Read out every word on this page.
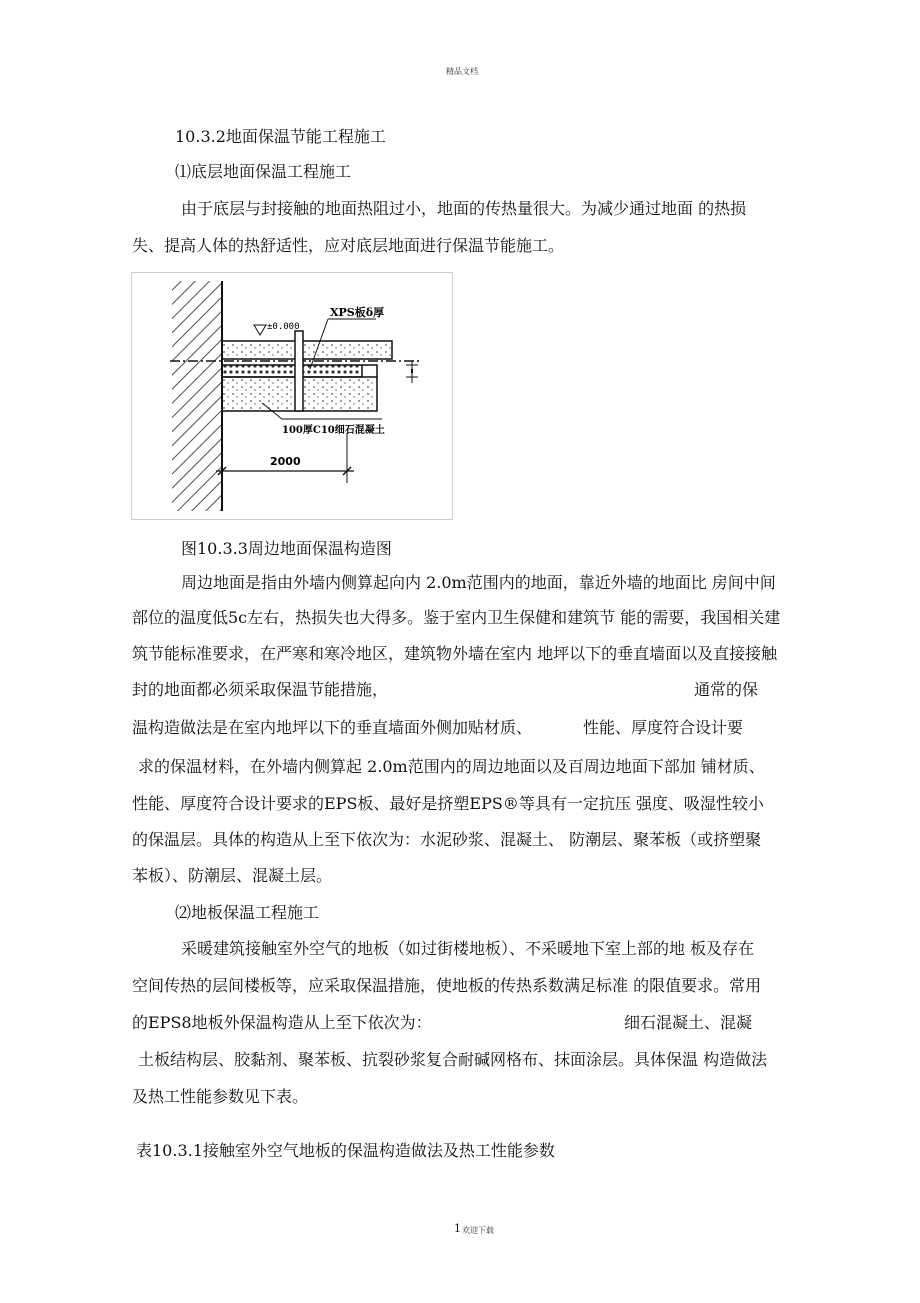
精品文档
10.3.2地面保温节能工程施工
⑴底层地面保温工程施工
由于底层与封接触的地面热阻过小，地面的传热量很大。为减少通过地面 的热损
失、提高人体的热舒适性，应对底层地面进行保温节能施工。
±0.000
XPS板δ厚
100厚C10细石混凝土
2000
图10.3.3周边地面保温构造图
周边地面是指由外墙内侧算起向内 2.0m范围内的地面，靠近外墙的地面比 房间中间
部位的温度低5c左右，热损失也大得多。鉴于室内卫生保健和建筑节 能的需要，我国相关建
筑节能标准要求，在严寒和寒冷地区，建筑物外墙在室内 地坪以下的垂直墙面以及直接接触
封的地面都必须采取保温节能措施，	通常的保
温构造做法是在室内地坪以下的垂直墙面外侧加贴材质、	性能、厚度符合设计要
求的保温材料，在外墙内侧算起 2.0m范围内的周边地面以及百周边地面下部加 铺材质、
性能、厚度符合设计要求的EPS板、最好是挤塑EPS®等具有一定抗压 强度、吸湿性较小
的保温层。具体的构造从上至下依次为：水泥砂浆、混凝土、 防潮层、聚苯板（或挤塑聚
苯板）、防潮层、混凝土层。
⑵地板保温工程施工
采暖建筑接触室外空气的地板（如过街楼地板）、不采暖地下室上部的地 板及存在
空间传热的层间楼板等，应采取保温措施，使地板的传热系数满足标准 的限值要求。常用
的EPS8地板外保温构造从上至下依次为：	细石混凝土、混凝
土板结构层、胶黏剂、聚苯板、抗裂砂浆复合耐碱网格布、抹面涂层。具体保温 构造做法
及热工性能参数见下表。
表10.3.1接触室外空气地板的保温构造做法及热工性能参数
1 欢迎下载
